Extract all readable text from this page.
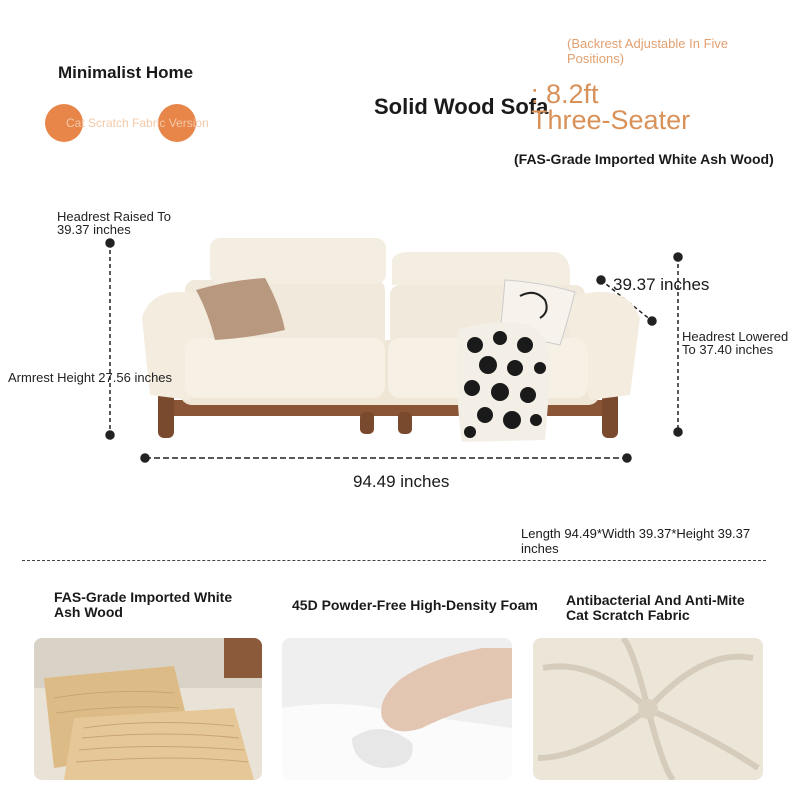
Minimalist Home
Cat Scratch Fabric Version
Solid Wood Sofa
(Backrest Adjustable In Five Positions)
: 8.2ft
Three-Seater
(FAS-Grade Imported White Ash Wood)
Headrest Raised To 39.37 inches
Armrest Height 27.56 inches
39.37 inches
Headrest Lowered To 37.40 inches
94.49 inches
Length 94.49*Width 39.37*Height 39.37 inches
FAS-Grade Imported White Ash Wood	45D Powder-Free High-Density Foam Antibacterial And Anti-Mite Cat Scratch Fabric
